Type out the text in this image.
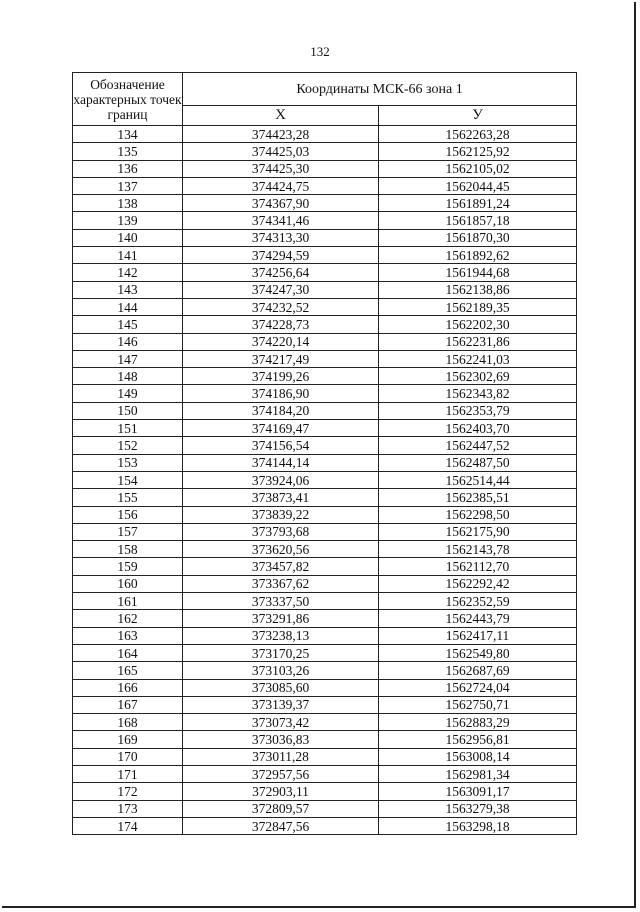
132
Обозначение характерных точек границ	Координаты МСК-66 зона 1	
	X	У
134	374423,28	1562263,28
135	374425,03	1562125,92
136	374425,30	1562105,02
137	374424,75	1562044,45
138	374367,90	1561891,24
139	374341,46	1561857,18
140	374313,30	1561870,30
141	374294,59	1561892,62
142	374256,64	1561944,68
143	374247,30	1562138,86
144	374232,52	1562189,35
145	374228,73	1562202,30
146	374220,14	1562231,86
147	374217,49	1562241,03
148	374199,26	1562302,69
149	374186,90	1562343,82
150	374184,20	1562353,79
151	374169,47	1562403,70
152	374156,54	1562447,52
153	374144,14	1562487,50
154	373924,06	1562514,44
155	373873,41	1562385,51
156	373839,22	1562298,50
157	373793,68	1562175,90
158	373620,56	1562143,78
159	373457,82	1562112,70
160	373367,62	1562292,42
161	373337,50	1562352,59
162	373291,86	1562443,79
163	373238,13	1562417,11
164	373170,25	1562549,80
165	373103,26	1562687,69
166	373085,60	1562724,04
167	373139,37	1562750,71
168	373073,42	1562883,29
169	373036,83	1562956,81
170	373011,28	1563008,14
171	372957,56	1562981,34
172	372903,11	1563091,17
173	372809,57	1563279,38
174	372847,56	1563298,18
